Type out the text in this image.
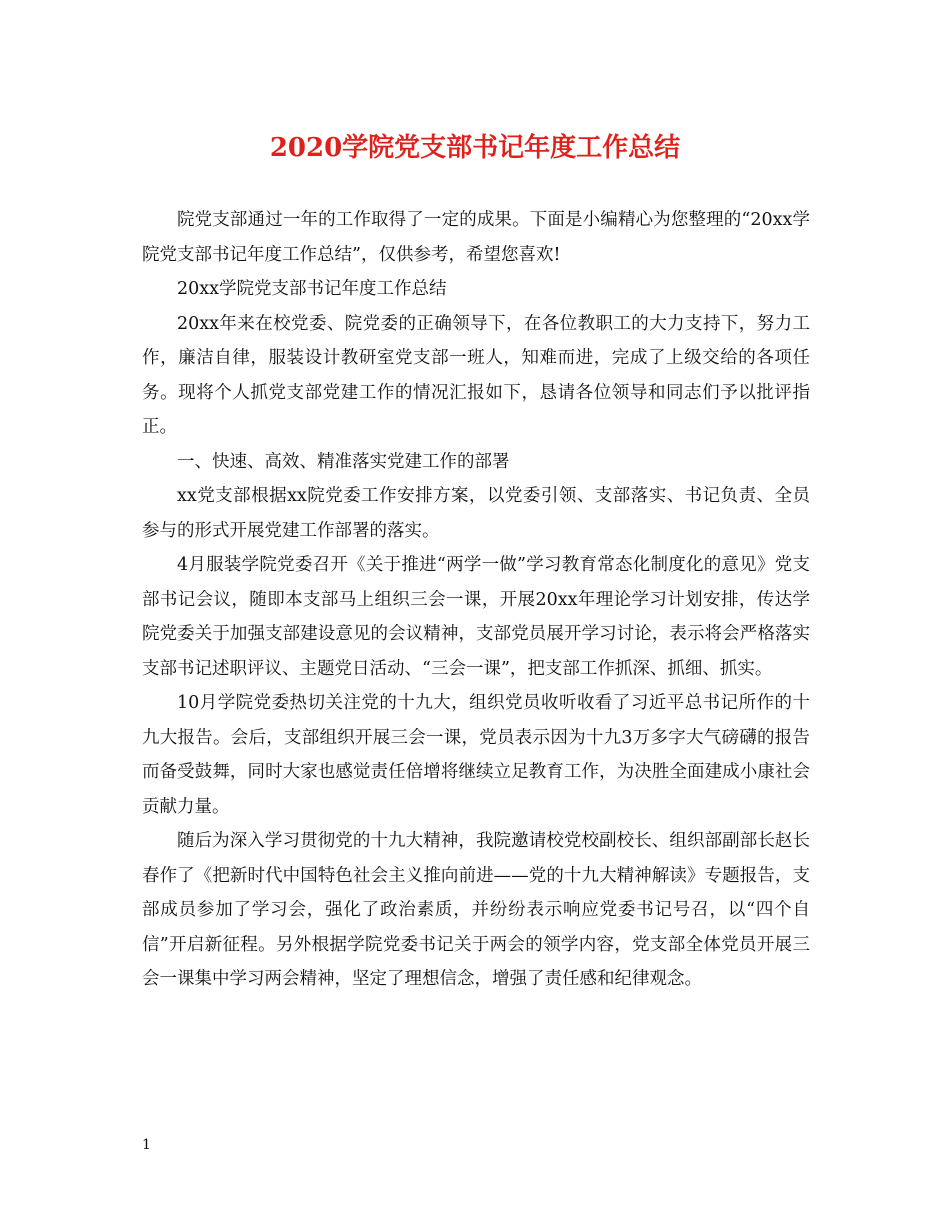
2020学院党支部书记年度工作总结

院党支部通过一年的工作取得了一定的成果。下面是小编精心为您整理的“20xx学院党支部书记年度工作总结”，仅供参考，希望您喜欢!

20xx学院党支部书记年度工作总结

20xx年来在校党委、院党委的正确领导下，在各位教职工的大力支持下，努力工作，廉洁自律，服装设计教研室党支部一班人，知难而进，完成了上级交给的各项任务。现将个人抓党支部党建工作的情况汇报如下，恳请各位领导和同志们予以批评指正。

一、快速、高效、精准落实党建工作的部署

xx党支部根据xx院党委工作安排方案，以党委引领、支部落实、书记负责、全员参与的形式开展党建工作部署的落实。

4月服装学院党委召开《关于推进“两学一做”学习教育常态化制度化的意见》党支部书记会议，随即本支部马上组织三会一课，开展20xx年理论学习计划安排，传达学院党委关于加强支部建设意见的会议精神，支部党员展开学习讨论，表示将会严格落实支部书记述职评议、主题党日活动、“三会一课”，把支部工作抓深、抓细、抓实。

10月学院党委热切关注党的十九大，组织党员收听收看了习近平总书记所作的十九大报告。会后，支部组织开展三会一课，党员表示因为十九3万多字大气磅礴的报告而备受鼓舞，同时大家也感觉责任倍增将继续立足教育工作，为决胜全面建成小康社会贡献力量。

随后为深入学习贯彻党的十九大精神，我院邀请校党校副校长、组织部副部长赵长春作了《把新时代中国特色社会主义推向前进——党的十九大精神解读》专题报告，支部成员参加了学习会，强化了政治素质，并纷纷表示响应党委书记号召，以“四个自信”开启新征程。另外根据学院党委书记关于两会的领学内容，党支部全体党员开展三会一课集中学习两会精神，坚定了理想信念，增强了责任感和纪律观念。

1
